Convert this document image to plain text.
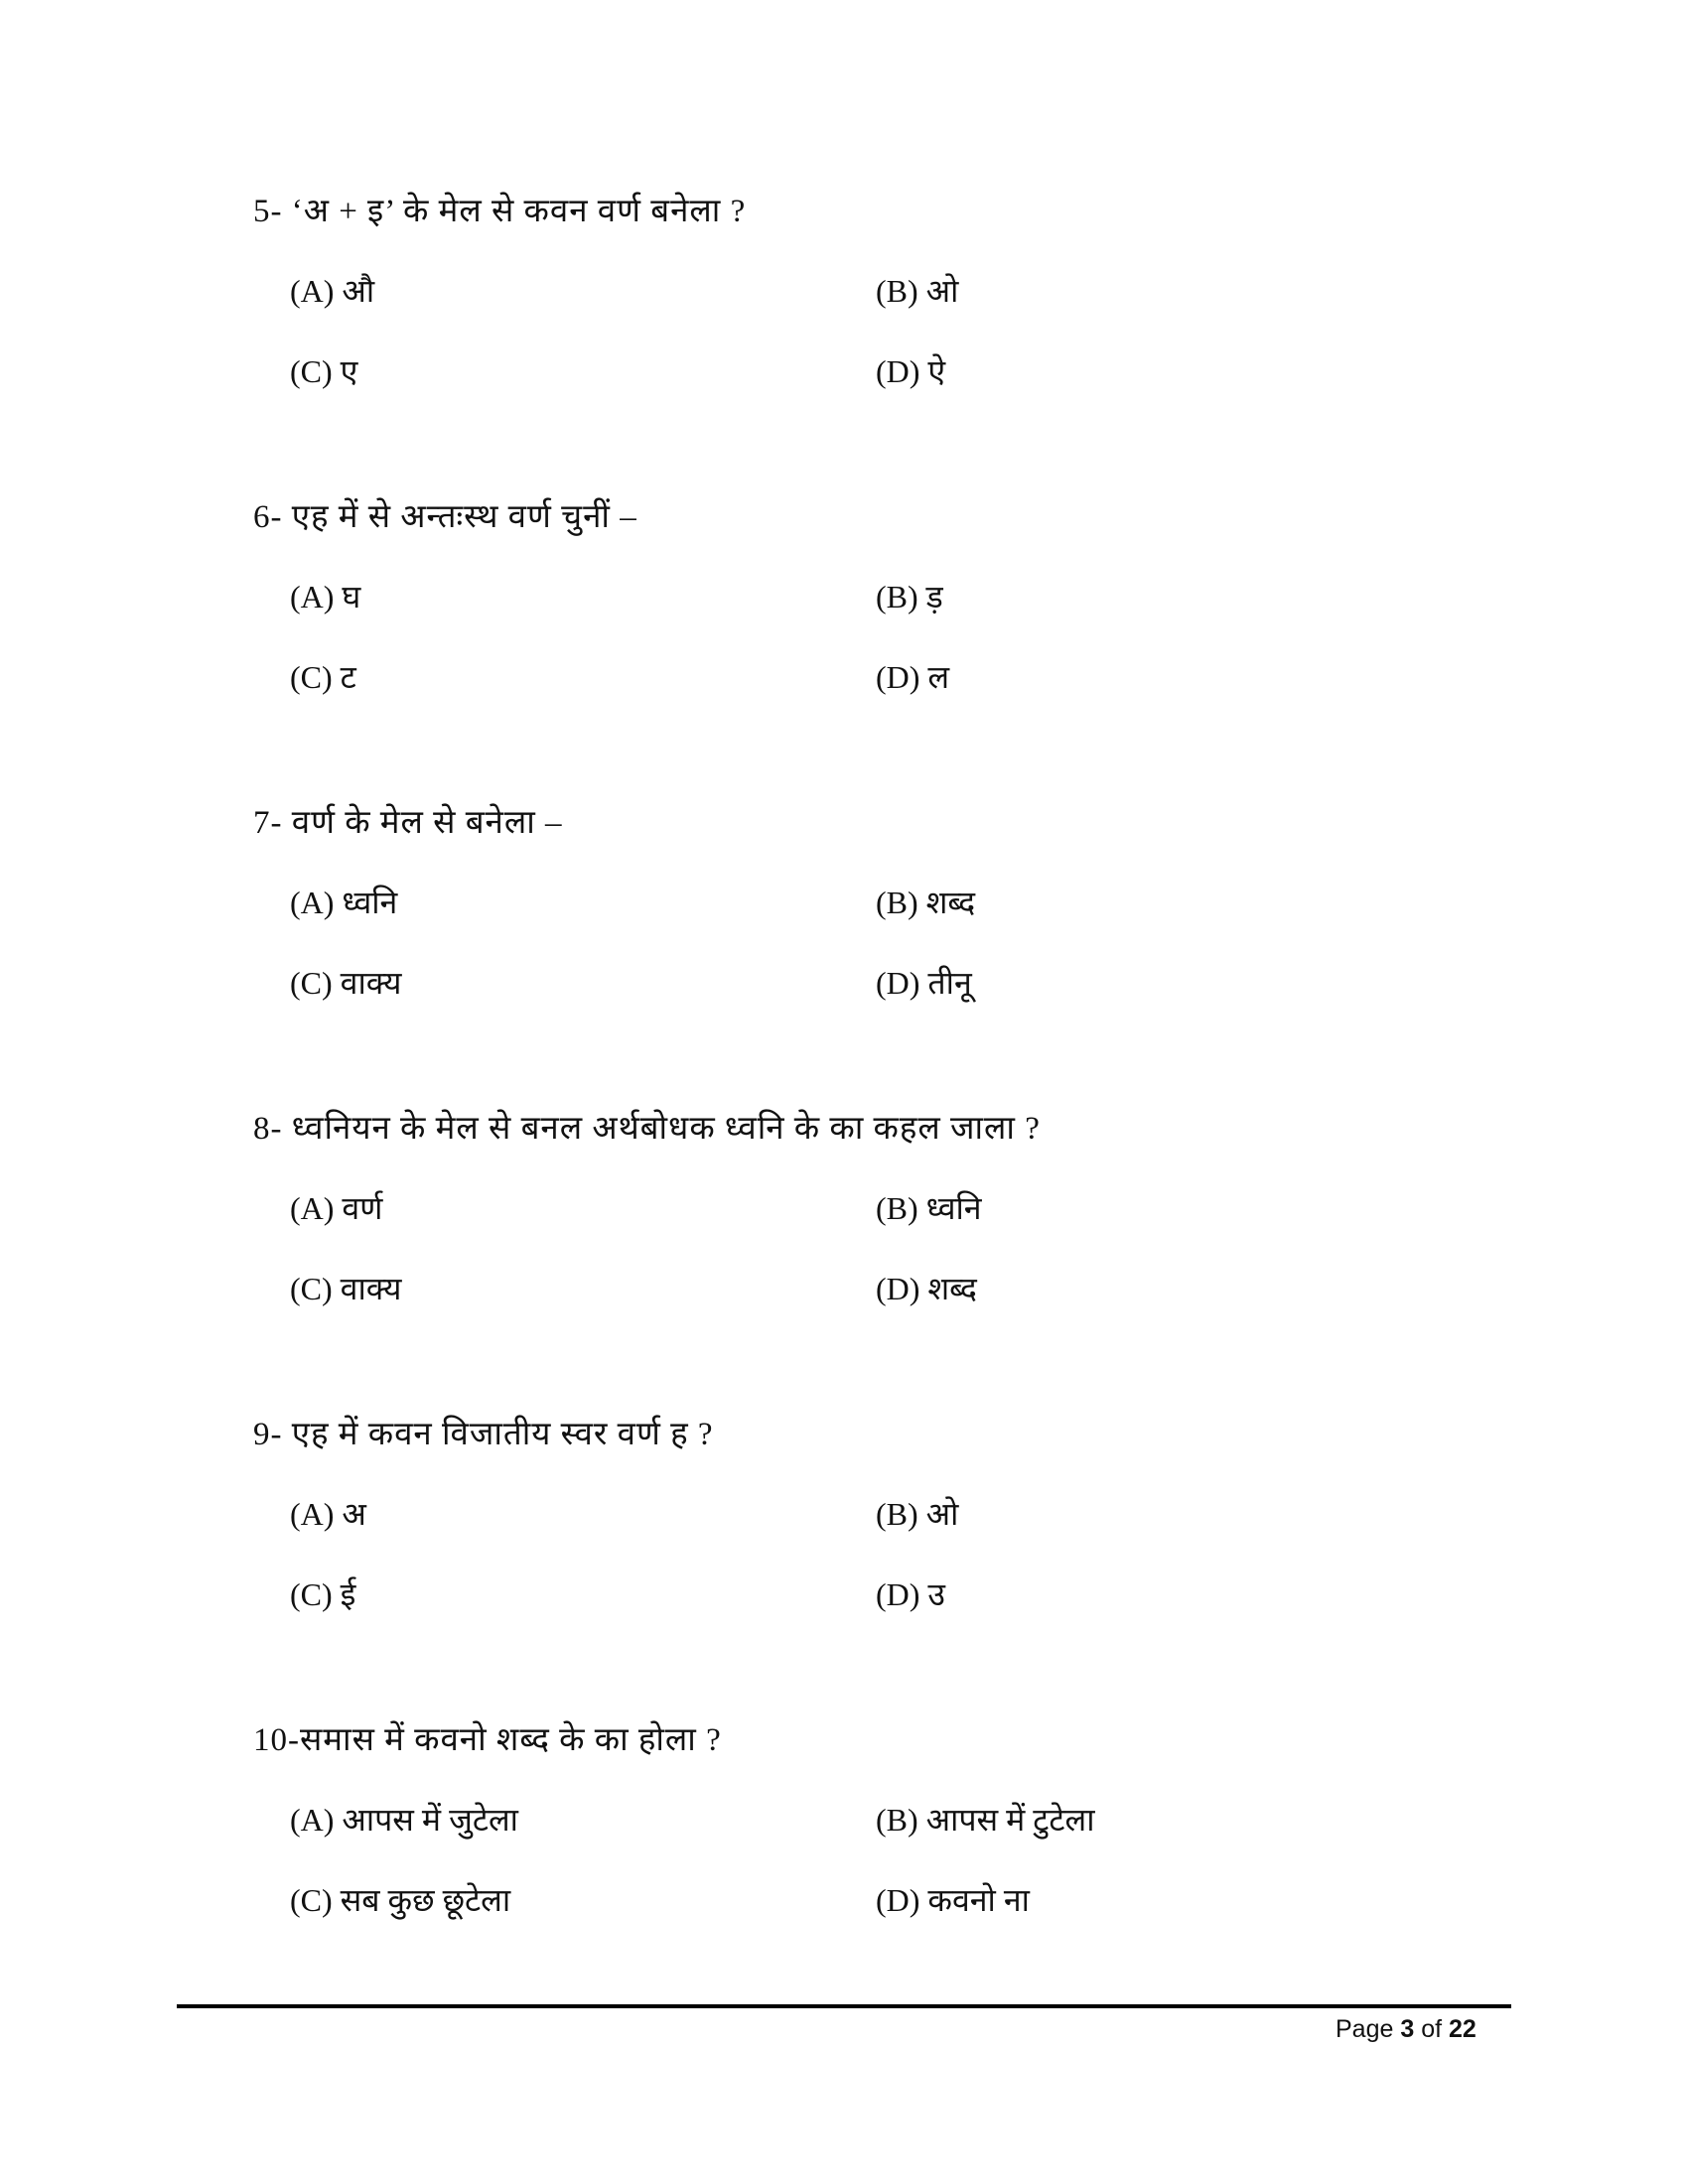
5- ‘अ + इ’ के मेल से कवन वर्ण बनेला ?
(A) औ	(B) ओ
(C) ए	(D) ऐ
6- एह में से अन्तःस्थ वर्ण चुनीं –
(A) घ	(B) ड़
(C) ट	(D) ल
7- वर्ण के मेल से बनेला –
(A) ध्वनि	(B) शब्द
(C) वाक्य	(D) तीनू
8- ध्वनियन के मेल से बनल अर्थबोधक ध्वनि के का कहल जाला ?
(A) वर्ण	(B) ध्वनि
(C) वाक्य	(D) शब्द
9- एह में कवन विजातीय स्वर वर्ण ह ?
(A) अ	(B) ओ
(C) ई	(D) उ
10-समास में कवनो शब्द के का होला ?
(A) आपस में जुटेला	(B) आपस में टुटेला
(C) सब कुछ छूटेला	(D) कवनो ना
Page 3 of 22
